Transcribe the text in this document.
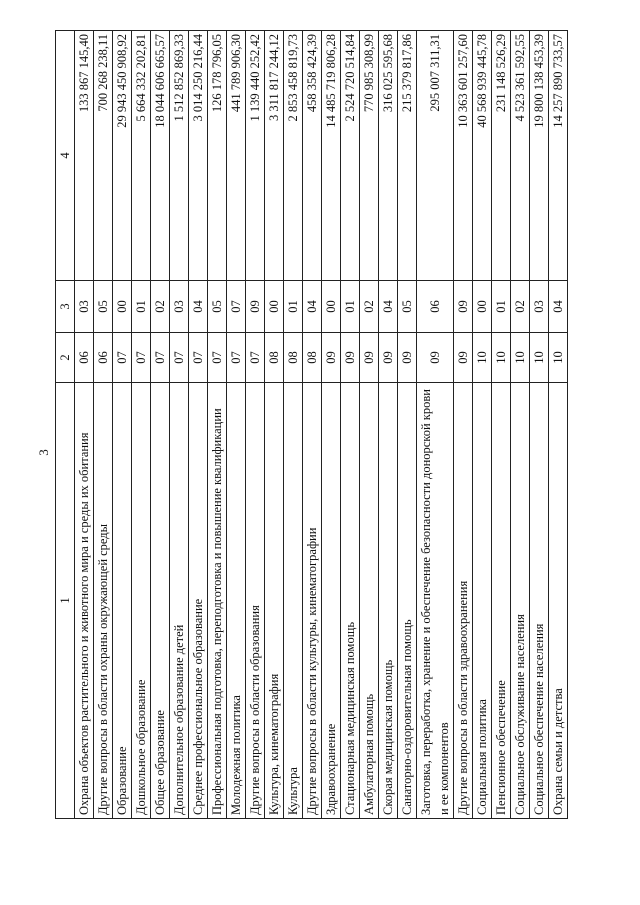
3
1	2	3	4
Охрана объектов растительного и животного мира и среды их обитания	06	03	133 867 145,40
Другие вопросы в области охраны окружающей среды	06	05	700 268 238,11
Образование	07	00	29 943 450 908,92
Дошкольное образование	07	01	5 664 332 202,81
Общее образование	07	02	18 044 606 665,57
Дополнительное образование детей	07	03	1 512 852 869,33
Среднее профессиональное образование	07	04	3 014 250 216,44
Профессиональная подготовка, переподготовка и повышение квалификации	07	05	126 178 796,05
Молодежная политика	07	07	441 789 906,30
Другие вопросы в области образования	07	09	1 139 440 252,42
Культура, кинематография	08	00	3 311 817 244,12
Культура	08	01	2 853 458 819,73
Другие вопросы в области культуры, кинематографии	08	04	458 358 424,39
Здравоохранение	09	00	14 485 719 806,28
Стационарная медицинская помощь	09	01	2 524 720 514,84
Амбулаторная помощь	09	02	770 985 308,99
Скорая медицинская помощь	09	04	316 025 595,68
Санаторно-оздоровительная помощь	09	05	215 379 817,86
Заготовка, переработка, хранение и обеспечение безопасности донорской крови и ее компонентов	09	06	295 007 311,31
Другие вопросы в области здравоохранения	09	09	10 363 601 257,60
Социальная политика	10	00	40 568 939 445,78
Пенсионное обеспечение	10	01	231 148 526,29
Социальное обслуживание населения	10	02	4 523 361 592,55
Социальное обеспечение населения	10	03	19 800 138 453,39
Охрана семьи и детства	10	04	14 257 890 733,57
